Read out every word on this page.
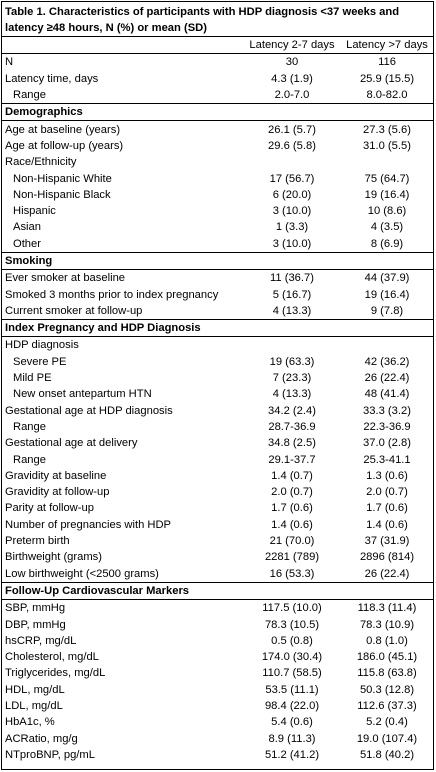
Table 1. Characteristics of participants with HDP diagnosis <37 weeks and latency ≥48 hours, N (%) or mean (SD)
Latency 2-7 days	Latency >7 days
N	30	116
Latency time, days	4.3 (1.9)	25.9 (15.5)
Range	2.0-7.0	8.0-82.0
Demographics
Age at baseline (years)	26.1 (5.7)	27.3 (5.6)
Age at follow-up (years)	29.6 (5.8)	31.0 (5.5)
Race/Ethnicity
Non-Hispanic White	17 (56.7)	75 (64.7)
Non-Hispanic Black	6 (20.0)	19 (16.4)
Hispanic	3 (10.0)	10 (8.6)
Asian	1 (3.3)	4 (3.5)
Other	3 (10.0)	8 (6.9)
Smoking
Ever smoker at baseline	11 (36.7)	44 (37.9)
Smoked 3 months prior to index pregnancy	5 (16.7)	19 (16.4)
Current smoker at follow-up	4 (13.3)	9 (7.8)
Index Pregnancy and HDP Diagnosis
HDP diagnosis
Severe PE	19 (63.3)	42 (36.2)
Mild PE	7 (23.3)	26 (22.4)
New onset antepartum HTN	4 (13.3)	48 (41.4)
Gestational age at HDP diagnosis	34.2 (2.4)	33.3 (3.2)
Range	28.7-36.9	22.3-36.9
Gestational age at delivery	34.8 (2.5)	37.0 (2.8)
Range	29.1-37.7	25.3-41.1
Gravidity at baseline	1.4 (0.7)	1.3 (0.6)
Gravidity at follow-up	2.0 (0.7)	2.0 (0.7)
Parity at follow-up	1.7 (0.6)	1.7 (0.6)
Number of pregnancies with HDP	1.4 (0.6)	1.4 (0.6)
Preterm birth	21 (70.0)	37 (31.9)
Birthweight (grams)	2281 (789)	2896 (814)
Low birthweight (<2500 grams)	16 (53.3)	26 (22.4)
Follow-Up Cardiovascular Markers
SBP, mmHg	117.5 (10.0)	118.3 (11.4)
DBP, mmHg	78.3 (10.5)	78.3 (10.9)
hsCRP, mg/dL	0.5 (0.8)	0.8 (1.0)
Cholesterol, mg/dL	174.0 (30.4)	186.0 (45.1)
Triglycerides, mg/dL	110.7 (58.5)	115.8 (63.8)
HDL, mg/dL	53.5 (11.1)	50.3 (12.8)
LDL, mg/dL	98.4 (22.0)	112.6 (37.3)
HbA1c, %	5.4 (0.6)	5.2 (0.4)
ACRatio, mg/g	8.9 (11.3)	19.0 (107.4)
NTproBNP, pg/mL	51.2 (41.2)	51.8 (40.2)
